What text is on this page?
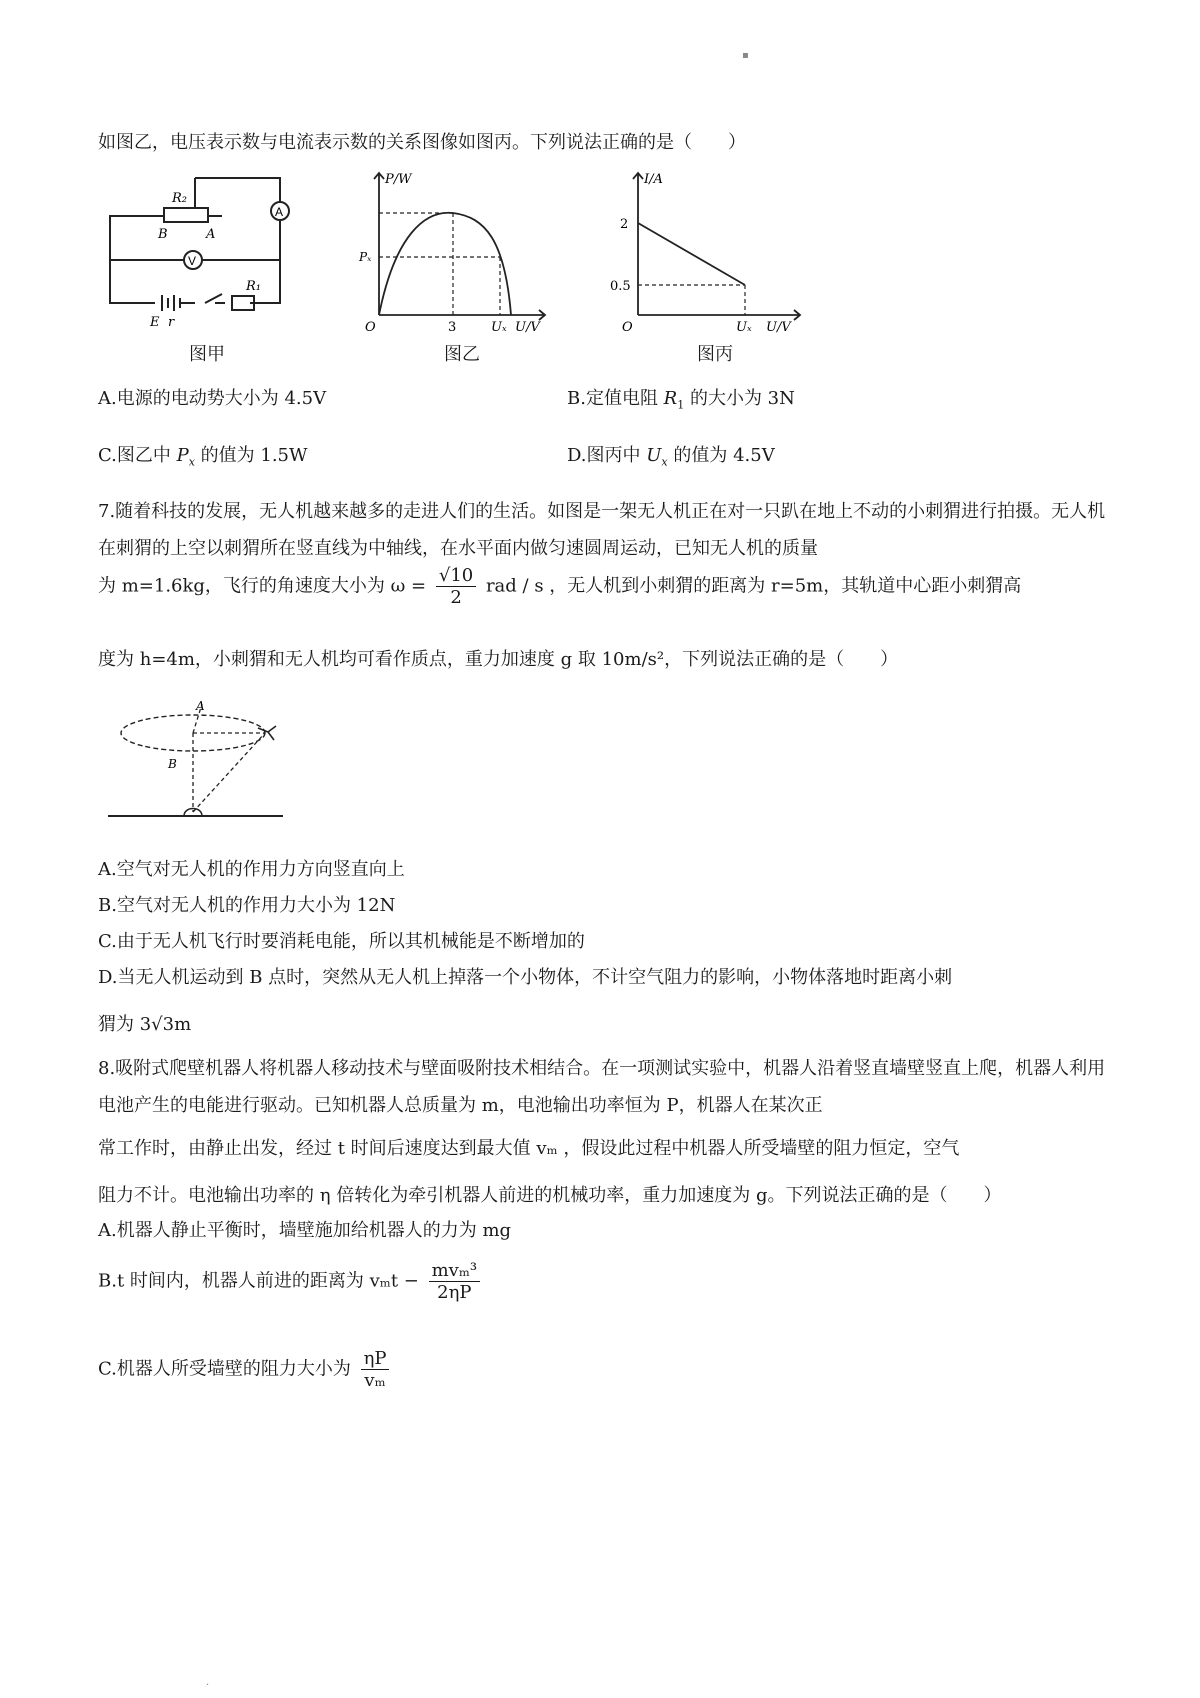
▪
如图乙，电压表示数与电流表示数的关系图像如图丙。下列说法正确的是（　　）
A
V
R₂
B	A
R₁
E r
P/W
Pₓ
O	3	Uₓ U/V
I/A
2
0.5
O	Uₓ U/V
图甲	图乙	图丙
A.电源的电动势大小为 4.5V	B.定值电阻 $R_1$ 的大小为 3N
C.图乙中 $P_x$ 的值为 1.5W	D.图丙中 $U_x$ 的值为 4.5V
7.随着科技的发展，无人机越来越多的走进人们的生活。如图是一架无人机正在对一只趴在地上不动的小刺猬进行拍摄。无人机在刺猬的上空以刺猬所在竖直线为中轴线，在水平面内做匀速圆周运动，已知无人机的质量
为 m=1.6kg，飞行的角速度大小为 $\omega = \frac{√10}{2}$ rad / s ，无人机到小刺猬的距离为 r=5m，其轨道中心距小刺猬高
度为 h=4m，小刺猬和无人机均可看作质点，重力加速度 g 取 10m/s²，下列说法正确的是（　　）
A
B
A.空气对无人机的作用力方向竖直向上
B.空气对无人机的作用力大小为 12N
C.由于无人机飞行时要消耗电能，所以其机械能是不断增加的
D.当无人机运动到 B 点时，突然从无人机上掉落一个小物体，不计空气阻力的影响，小物体落地时距离小刺
猬为 3√3m
8.吸附式爬壁机器人将机器人移动技术与壁面吸附技术相结合。在一项测试实验中，机器人沿着竖直墙壁竖直上爬，机器人利用电池产生的电能进行驱动。已知机器人总质量为 m，电池输出功率恒为 P，机器人在某次正
常工作时，由静止出发，经过 t 时间后速度达到最大值 vₘ ，假设此过程中机器人所受墙壁的阻力恒定，空气
阻力不计。电池输出功率的 η 倍转化为牵引机器人前进的机械功率，重力加速度为 g。下列说法正确的是（　　）
A.机器人静止平衡时，墙壁施加给机器人的力为 mg
B.t 时间内，机器人前进的距离为 $v_mt - \frac{\text{mvₘ³}}{2\eta P}$
C.机器人所受墙壁的阻力大小为 $\frac{\eta P}{\text{vₘ}}$
·
